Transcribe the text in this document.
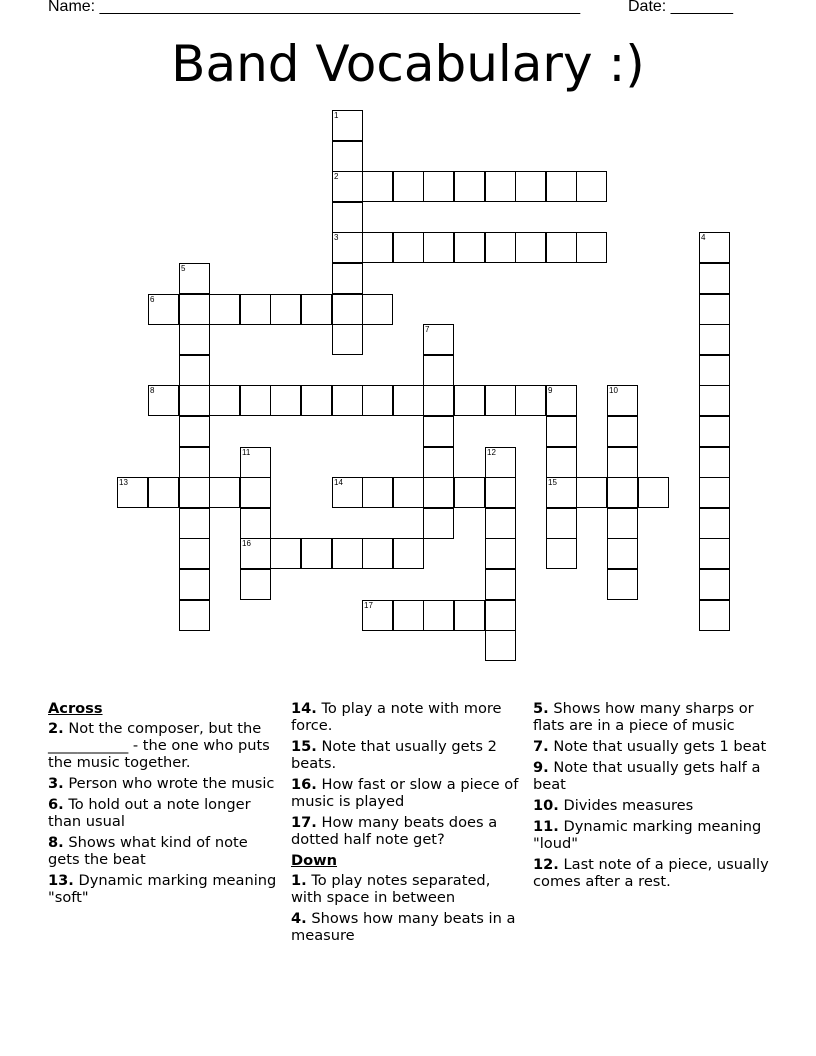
Name: ______________________________________________________	Date: _______
Band Vocabulary :)
1
2
3	4
5
6
7
8	9	10
11	12
13	14	15
16
17
Across
2. Not the composer, but the ___________ - the one who puts the music together.
3. Person who wrote the music
6. To hold out a note longer than usual
8. Shows what kind of note gets the beat
13. Dynamic marking meaning "soft"
14. To play a note with more force.
15. Note that usually gets 2 beats.
16. How fast or slow a piece of music is played
17. How many beats does a dotted half note get?
Down
1. To play notes separated, with space in between
4. Shows how many beats in a measure
5. Shows how many sharps or flats are in a piece of music
7. Note that usually gets 1 beat
9. Note that usually gets half a beat
10. Divides measures
11. Dynamic marking meaning "loud"
12. Last note of a piece, usually comes after a rest.
